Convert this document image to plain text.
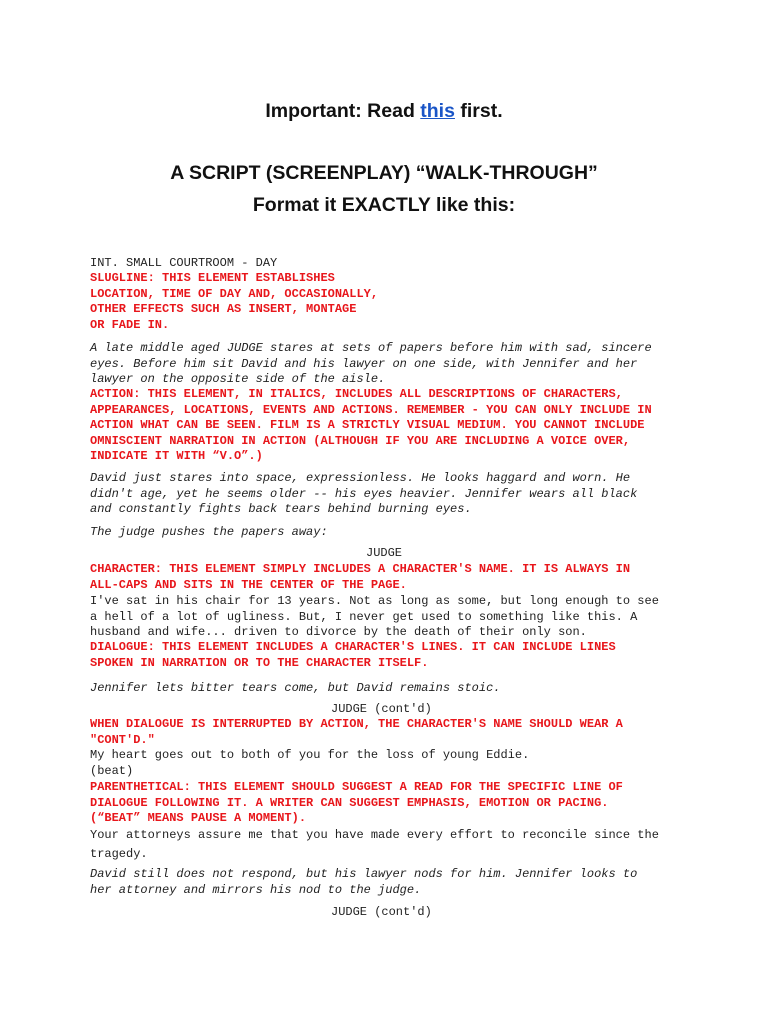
Important: Read this first.
A SCRIPT (SCREENPLAY) “WALK-THROUGH”
Format it EXACTLY like this:
INT. SMALL COURTROOM - DAY
SLUGLINE: THIS ELEMENT ESTABLISHES
LOCATION, TIME OF DAY AND, OCCASIONALLY,
OTHER EFFECTS SUCH AS INSERT, MONTAGE
OR FADE IN.
A late middle aged JUDGE stares at sets of papers before him with sad, sincere
eyes. Before him sit David and his lawyer on one side, with Jennifer and her
lawyer on the opposite side of the aisle.
ACTION: THIS ELEMENT, IN ITALICS, INCLUDES ALL DESCRIPTIONS OF CHARACTERS,
APPEARANCES, LOCATIONS, EVENTS AND ACTIONS. REMEMBER - YOU CAN ONLY INCLUDE IN
ACTION WHAT CAN BE SEEN. FILM IS A STRICTLY VISUAL MEDIUM. YOU CANNOT INCLUDE
OMNISCIENT NARRATION IN ACTION (ALTHOUGH IF YOU ARE INCLUDING A VOICE OVER,
INDICATE IT WITH “V.O”.)
David just stares into space, expressionless. He looks haggard and worn. He
didn't age, yet he seems older -- his eyes heavier. Jennifer wears all black
and constantly fights back tears behind burning eyes.
The judge pushes the papers away:
JUDGE
CHARACTER: THIS ELEMENT SIMPLY INCLUDES A CHARACTER'S NAME. IT IS ALWAYS IN
ALL-CAPS AND SITS IN THE CENTER OF THE PAGE.
I've sat in his chair for 13 years. Not as long as some, but long enough to see
a hell of a lot of ugliness. But, I never get used to something like this. A
husband and wife... driven to divorce by the death of their only son.
DIALOGUE: THIS ELEMENT INCLUDES A CHARACTER'S LINES. IT CAN INCLUDE LINES
SPOKEN IN NARRATION OR TO THE CHARACTER ITSELF.
Jennifer lets bitter tears come, but David remains stoic.
JUDGE (cont'd)
WHEN DIALOGUE IS INTERRUPTED BY ACTION, THE CHARACTER'S NAME SHOULD WEAR A
"CONT'D."
My heart goes out to both of you for the loss of young Eddie.
(beat)
PARENTHETICAL: THIS ELEMENT SHOULD SUGGEST A READ FOR THE SPECIFIC LINE OF
DIALOGUE FOLLOWING IT. A WRITER CAN SUGGEST EMPHASIS, EMOTION OR PACING.
(“BEAT” MEANS PAUSE A MOMENT).
Your attorneys assure me that you have made every effort to reconcile since the
tragedy.
David still does not respond, but his lawyer nods for him. Jennifer looks to
her attorney and mirrors his nod to the judge.
JUDGE (cont'd)
